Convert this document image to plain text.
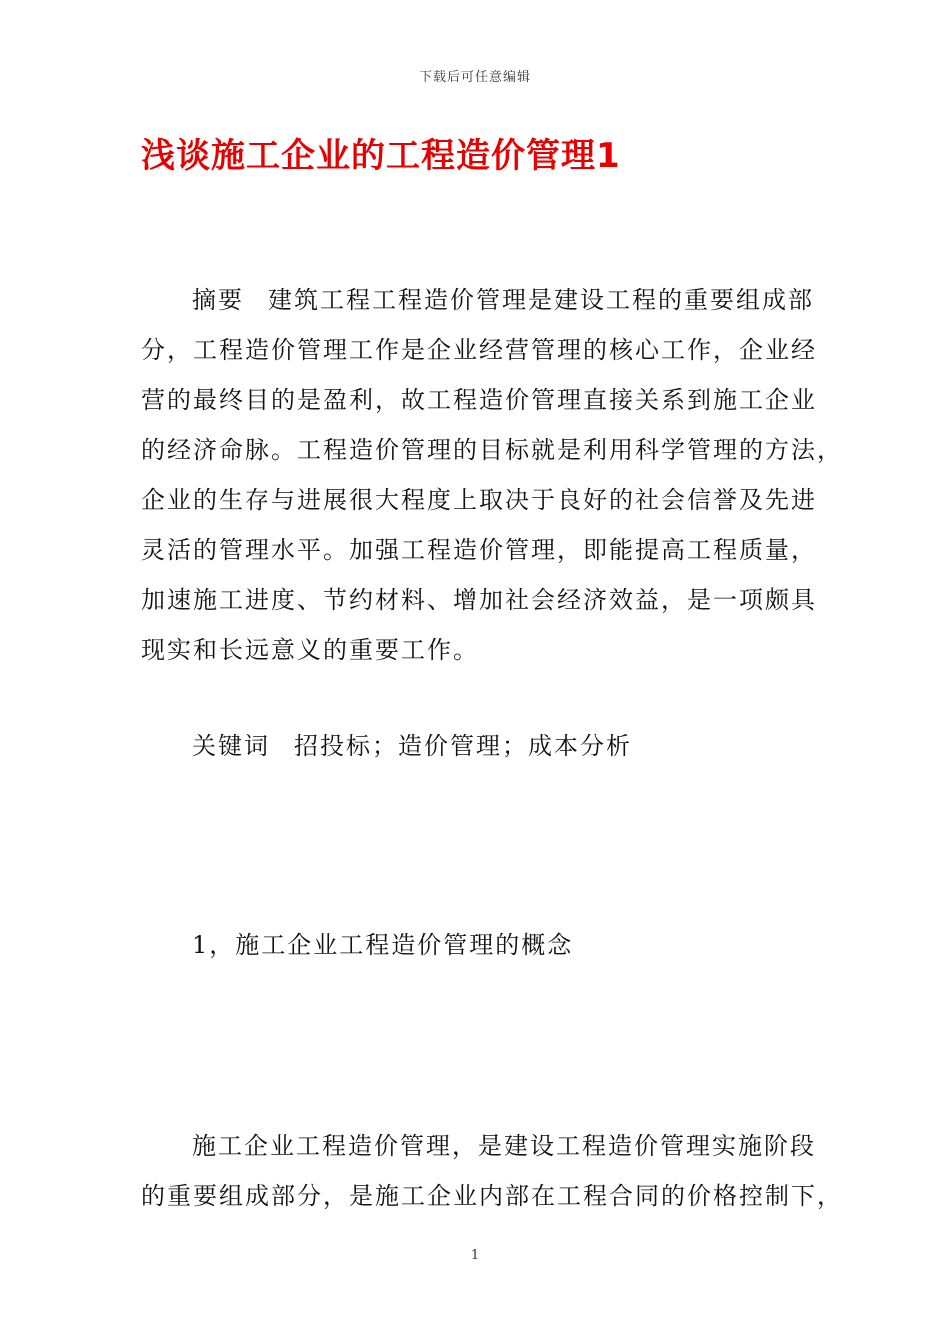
下载后可任意编辑
浅谈施工企业的工程造价管理1
摘要 建筑工程工程造价管理是建设工程的重要组成部
分，工程造价管理工作是企业经营管理的核心工作，企业经
营的最终目的是盈利，故工程造价管理直接关系到施工企业
的经济命脉。工程造价管理的目标就是利用科学管理的方法，
企业的生存与进展很大程度上取决于良好的社会信誉及先进
灵活的管理水平。加强工程造价管理，即能提高工程质量，
加速施工进度、节约材料、增加社会经济效益，是一项颇具
现实和长远意义的重要工作。
关键词 招投标；造价管理；成本分析
1，施工企业工程造价管理的概念
施工企业工程造价管理，是建设工程造价管理实施阶段
的重要组成部分，是施工企业内部在工程合同的价格控制下，
1
